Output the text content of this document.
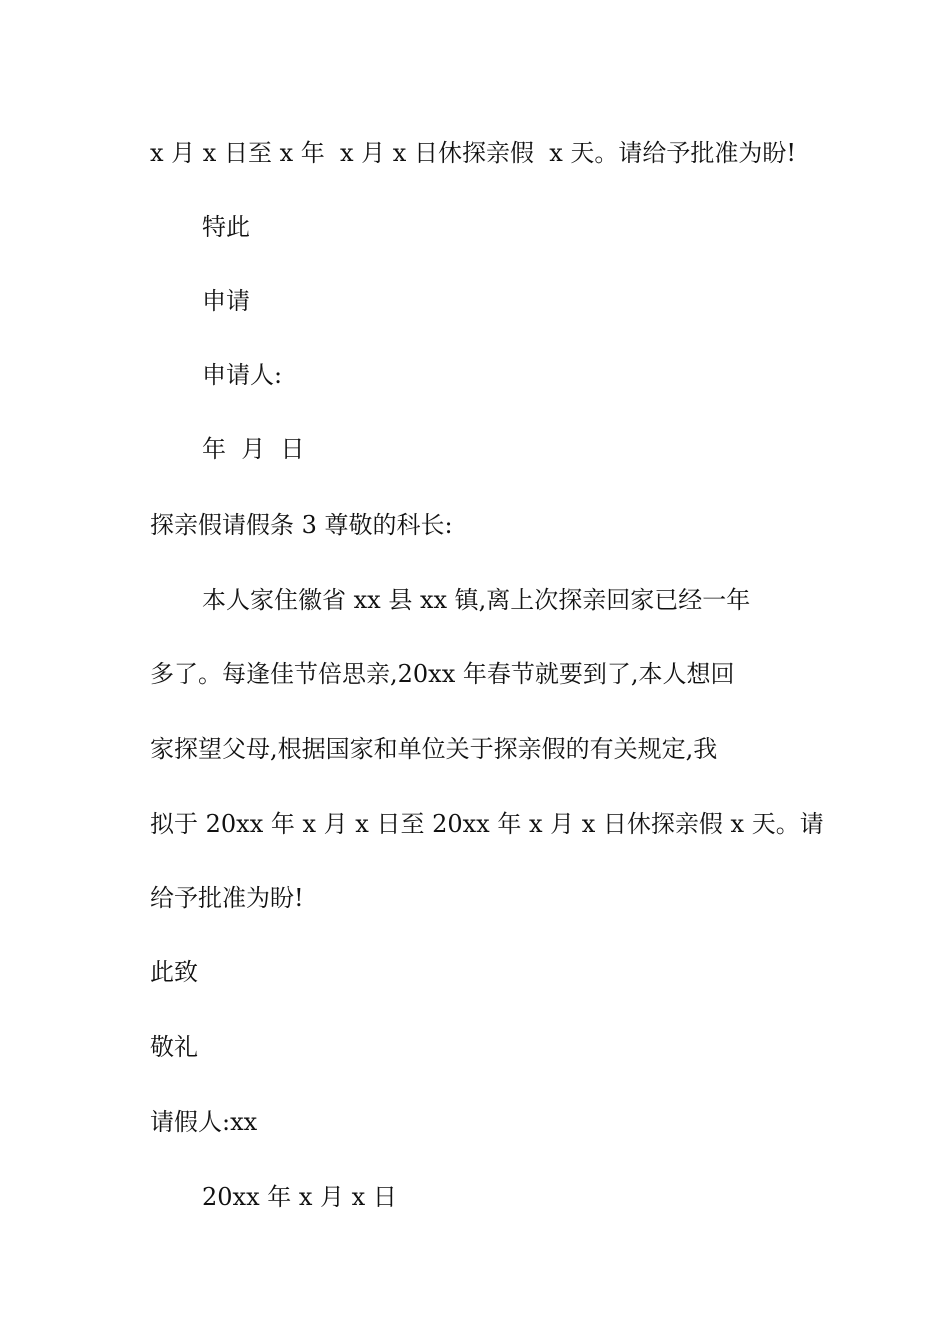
x 月 x 日至 x 年  x 月 x 日休探亲假  x 天。请给予批准为盼!

特此

申请

申请人:

年  月  日

探亲假请假条 3 尊敬的科长:

本人家住徽省 xx 县 xx 镇,离上次探亲回家已经一年

多了。每逢佳节倍思亲,20xx 年春节就要到了,本人想回

家探望父母,根据国家和单位关于探亲假的有关规定,我

拟于 20xx 年 x 月 x 日至 20xx 年 x 月 x 日休探亲假 x 天。请

给予批准为盼!

此致

敬礼

请假人:xx

20xx 年 x 月 x 日
